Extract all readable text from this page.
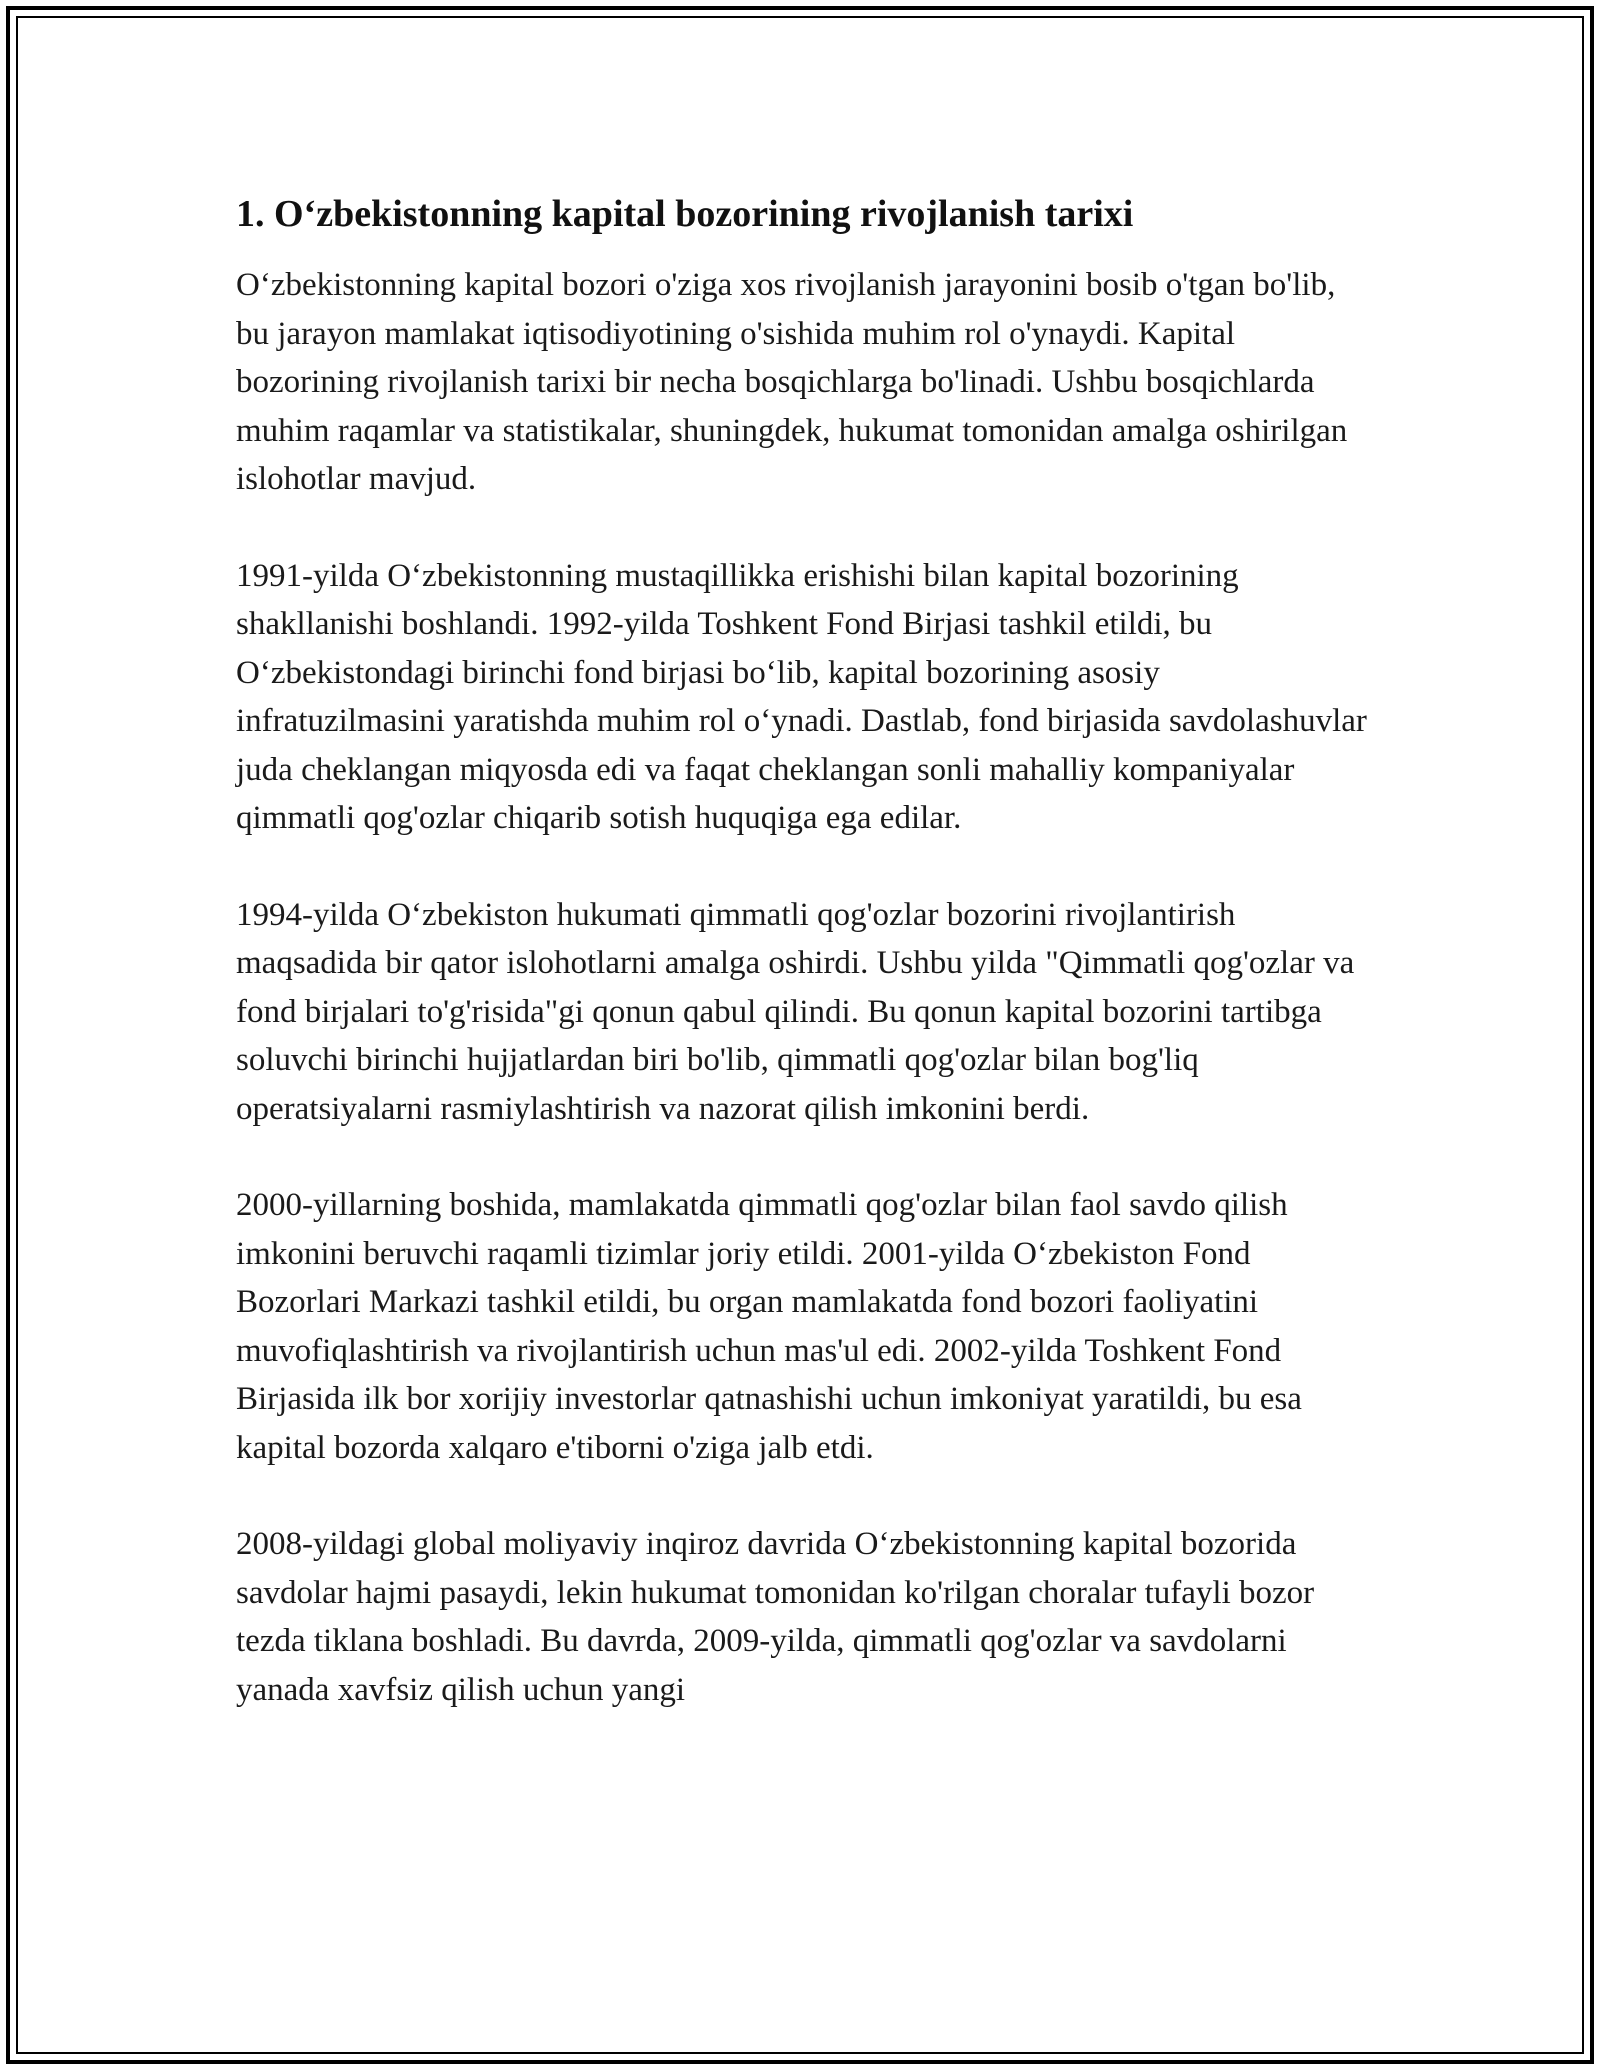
1. O‘zbekistonning kapital bozorining rivojlanish tarixi

O‘zbekistonning kapital bozori o'ziga xos rivojlanish jarayonini bosib o'tgan bo'lib, bu jarayon mamlakat iqtisodiyotining o'sishida muhim rol o'ynaydi. Kapital bozorining rivojlanish tarixi bir necha bosqichlarga bo'linadi. Ushbu bosqichlarda muhim raqamlar va statistikalar, shuningdek, hukumat tomonidan amalga oshirilgan islohotlar mavjud.

1991-yilda O‘zbekistonning mustaqillikka erishishi bilan kapital bozorining shakllanishi boshlandi. 1992-yilda Toshkent Fond Birjasi tashkil etildi, bu O‘zbekistondagi birinchi fond birjasi bo‘lib, kapital bozorining asosiy infratuzilmasini yaratishda muhim rol o‘ynadi. Dastlab, fond birjasida savdolashuvlar juda cheklangan miqyosda edi va faqat cheklangan sonli mahalliy kompaniyalar qimmatli qog'ozlar chiqarib sotish huquqiga ega edilar.

1994-yilda O‘zbekiston hukumati qimmatli qog'ozlar bozorini rivojlantirish maqsadida bir qator islohotlarni amalga oshirdi. Ushbu yilda "Qimmatli qog'ozlar va fond birjalari to'g'risida"gi qonun qabul qilindi. Bu qonun kapital bozorini tartibga soluvchi birinchi hujjatlardan biri bo'lib, qimmatli qog'ozlar bilan bog'liq operatsiyalarni rasmiylashtirish va nazorat qilish imkonini berdi.

2000-yillarning boshida, mamlakatda qimmatli qog'ozlar bilan faol savdo qilish imkonini beruvchi raqamli tizimlar joriy etildi. 2001-yilda O‘zbekiston Fond Bozorlari Markazi tashkil etildi, bu organ mamlakatda fond bozori faoliyatini muvofiqlashtirish va rivojlantirish uchun mas'ul edi. 2002-yilda Toshkent Fond Birjasida ilk bor xorijiy investorlar qatnashishi uchun imkoniyat yaratildi, bu esa kapital bozorda xalqaro e'tiborni o'ziga jalb etdi.

2008-yildagi global moliyaviy inqiroz davrida O‘zbekistonning kapital bozorida savdolar hajmi pasaydi, lekin hukumat tomonidan ko'rilgan choralar tufayli bozor tezda tiklana boshladi. Bu davrda, 2009-yilda, qimmatli qog'ozlar va savdolarni yanada xavfsiz qilish uchun yangi
